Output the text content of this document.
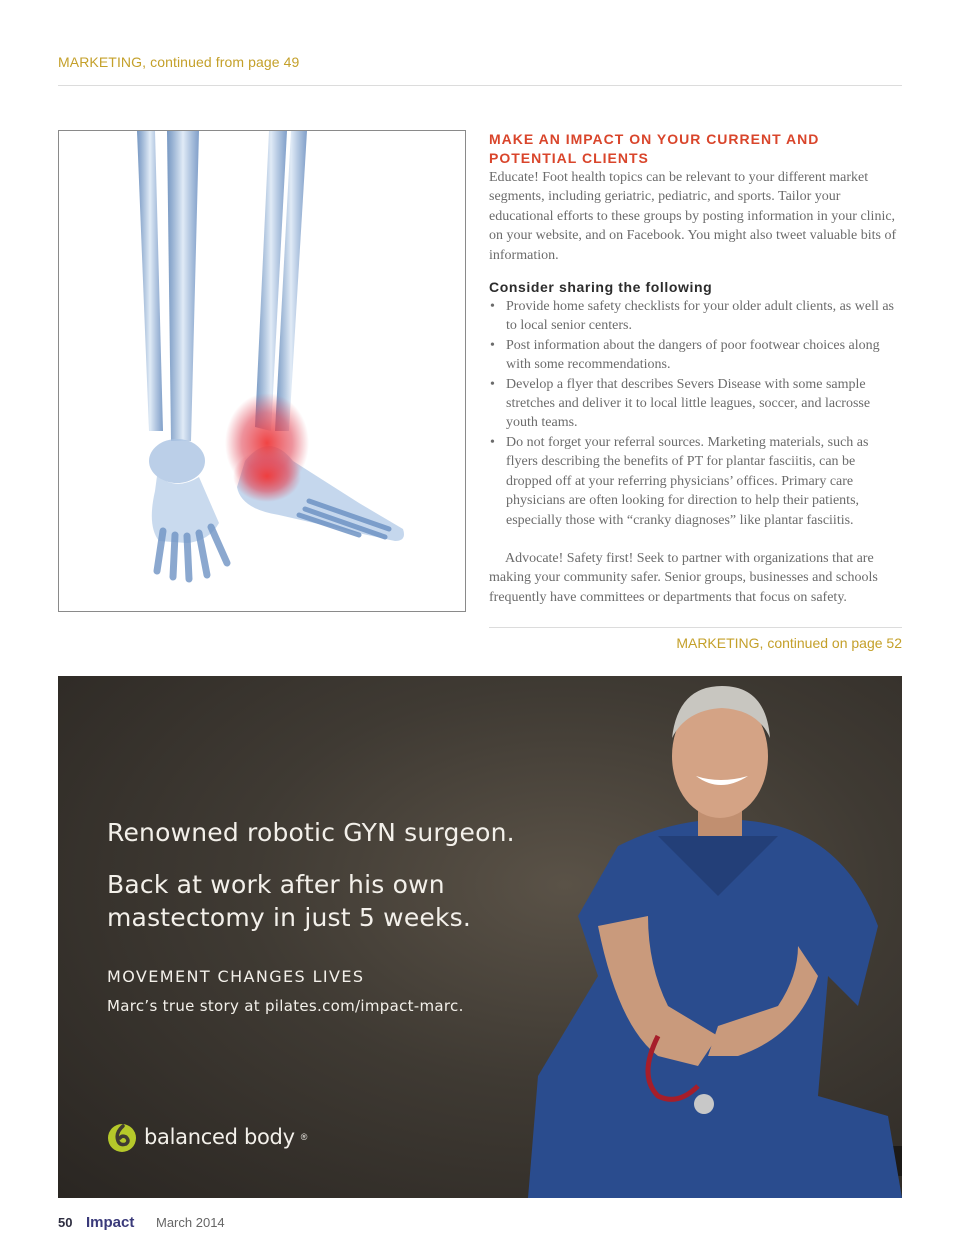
MARKETING, continued from page 49
MAKE AN IMPACT ON YOUR CURRENT AND POTENTIAL CLIENTS

Educate! Foot health topics can be relevant to your different market segments, including geriatric, pediatric, and sports. Tailor your educational efforts to these groups by posting information in your clinic, on your website, and on Facebook. You might also tweet valuable bits of information.

Consider sharing the following
• Provide home safety checklists for your older adult clients, as well as to local senior centers.
• Post information about the dangers of poor footwear choices along with some recommendations.
• Develop a flyer that describes Severs Disease with some sample stretches and deliver it to local little leagues, soccer, and lacrosse youth teams.
• Do not forget your referral sources. Marketing materials, such as flyers describing the benefits of PT for plantar fasciitis, can be dropped off at your referring physicians’ offices. Primary care physicians are often looking for direction to help their patients, especially those with “cranky diagnoses” like plantar fasciitis.

Advocate! Safety first! Seek to partner with organizations that are making your community safer. Senior groups, businesses and schools frequently have committees or departments that focus on safety.

MARKETING, continued on page 52
Renowned robotic GYN surgeon.
Back at work after his own mastectomy in just 5 weeks.
MOVEMENT CHANGES LIVES
Marc’s true story at pilates.com/impact-marc.
balanced body ®
50 Impact	March 2014
